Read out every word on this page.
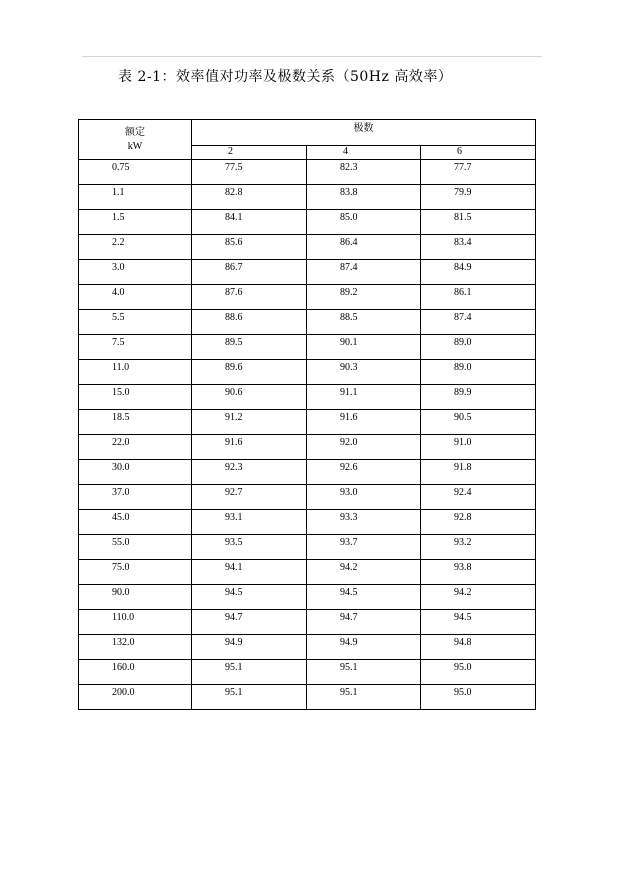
表 2-1：效率值对功率及极数关系（50Hz 高效率）
额定
kW	极数		
	2	4	6
0.75	77.5	82.3	77.7
1.1	82.8	83.8	79.9
1.5	84.1	85.0	81.5
2.2	85.6	86.4	83.4
3.0	86.7	87.4	84.9
4.0	87.6	89.2	86.1
5.5	88.6	88.5	87.4
7.5	89.5	90.1	89.0
11.0	89.6	90.3	89.0
15.0	90.6	91.1	89.9
18.5	91.2	91.6	90.5
22.0	91.6	92.0	91.0
30.0	92.3	92.6	91.8
37.0	92.7	93.0	92.4
45.0	93.1	93.3	92.8
55.0	93.5	93.7	93.2
75.0	94.1	94.2	93.8
90.0	94.5	94.5	94.2
110.0	94.7	94.7	94.5
132.0	94.9	94.9	94.8
160.0	95.1	95.1	95.0
200.0	95.1	95.1	95.0
